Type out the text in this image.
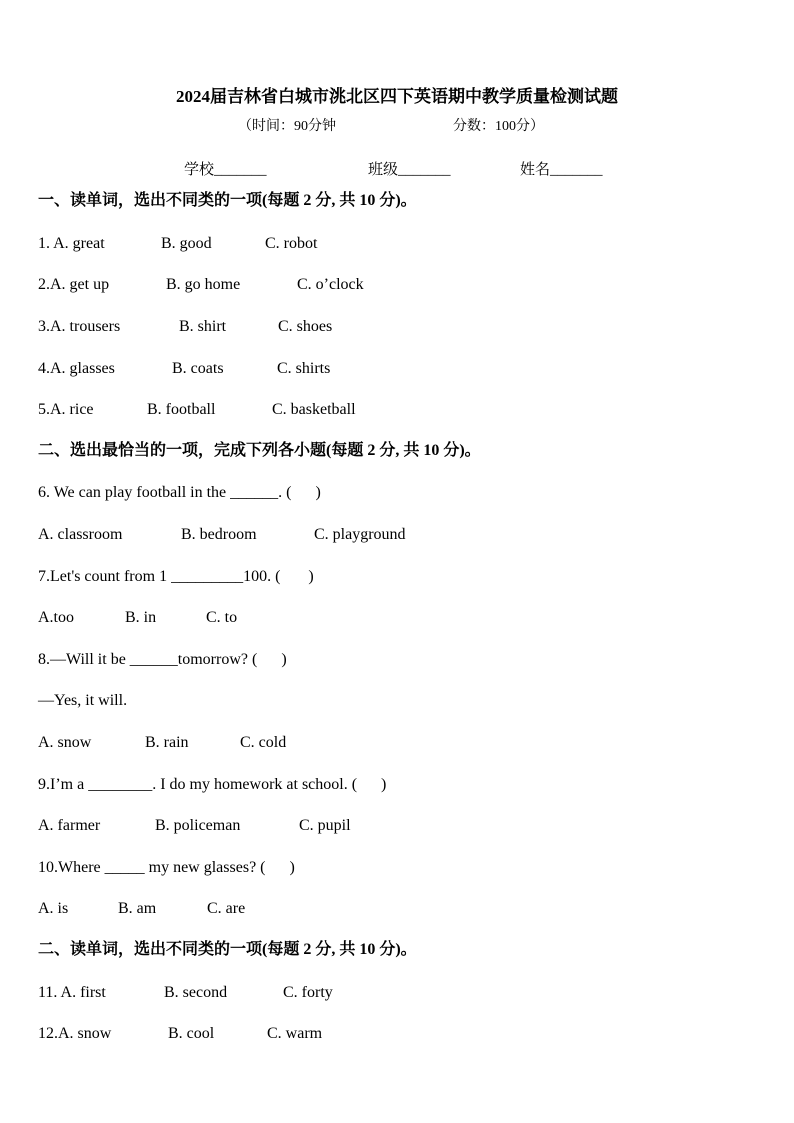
2024届吉林省白城市洮北区四下英语期中教学质量检测试题
（时间：90分钟	分数：100分）
学校_______	班级_______	姓名_______
一、读单词，选出不同类的一项(每题 2 分, 共 10 分)。
1. A. great	B. good	C. robot
2.A. get up	B. go home	C. o’clock
3.A. trousers	B. shirt	C. shoes
4.A. glasses	B. coats	C. shirts
5.A. rice	B. football	C. basketball
二、选出最恰当的一项，完成下列各小题(每题 2 分, 共 10 分)。
6. We can play football in the ______. (      )
A. classroom	B. bedroom	C. playground
7.Let's count from 1 _________100. (       )
A.too	B. in	C. to
8.—Will it be ______tomorrow? (      )
—Yes, it will.
A. snow	B. rain	C. cold
9.I’m a ________. I do my homework at school. (      )
A. farmer	B. policeman	C. pupil
10.Where _____ my new glasses? (      )
A. is	B. am	C. are
二、读单词，选出不同类的一项(每题 2 分, 共 10 分)。
11. A. first	B. second	C. forty
12.A. snow	B. cool	C. warm
